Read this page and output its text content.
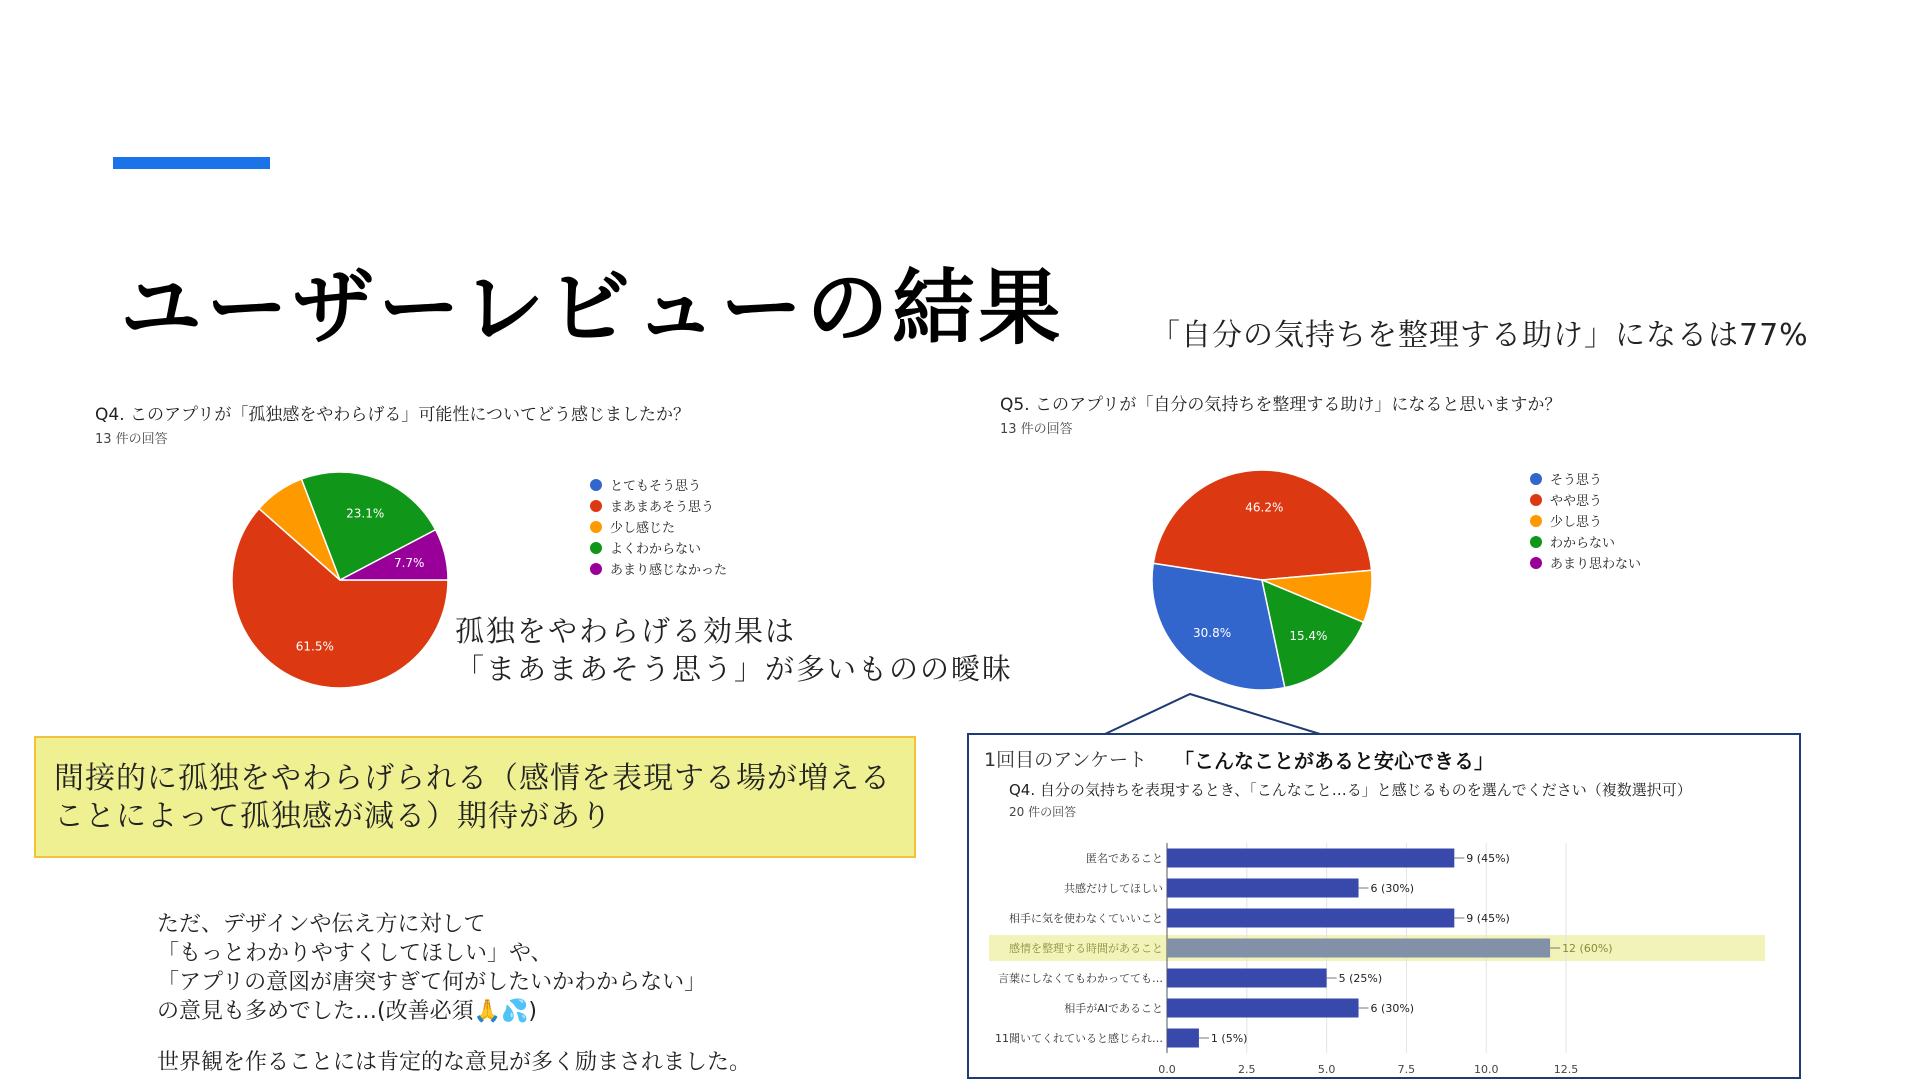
ユーザーレビューの結果	「自分の気持ちを整理する助け」になるは77%
Q4. このアプリが「孤独感をやわらげる」可能性についてどう感じましたか？
13 件の回答
61.5%
23.1%
7.7%
とてもそう思う
まあまあそう思う
少し感じた
よくわからない
あまり感じなかった
孤独をやわらげる効果は
「まあまあそう思う」が多いものの曖昧
Q5. このアプリが「自分の気持ちを整理する助け」になると思いますか？
13 件の回答
30.8%
46.2%
15.4%
そう思う
やや思う
少し思う
わからない
あまり思わない
間接的に孤独をやわらげられる（感情を表現する場が増えることによって孤独感が減る）期待があり

ただ、デザインや伝え方に対して

「もっとわかりやすくしてほしい」や、

「アプリの意図が唐突すぎて何がしたいかわからない」

の意見も多めでした…(改善必須🙏💦)

世界観を作ることには肯定的な意見が多く励まされました。
1回目のアンケート 「こんなことがあると安心できる」
Q4. 自分の気持ちを表現するとき、「こんなこと…る」と感じるものを選んでください（複数選択可）
20 件の回答
0.0	2.5	5.0	7.5	10.0	12.5
匿名であること	9 (45%)
共感だけしてほしい	6 (30%)
相手に気を使わなくていいこと	9 (45%)
感情を整理する時間があること	12 (60%)
言葉にしなくてもわかってても…	5 (25%)
相手がAIであること	6 (30%)
11聞いてくれていると感じられ…	1 (5%)
